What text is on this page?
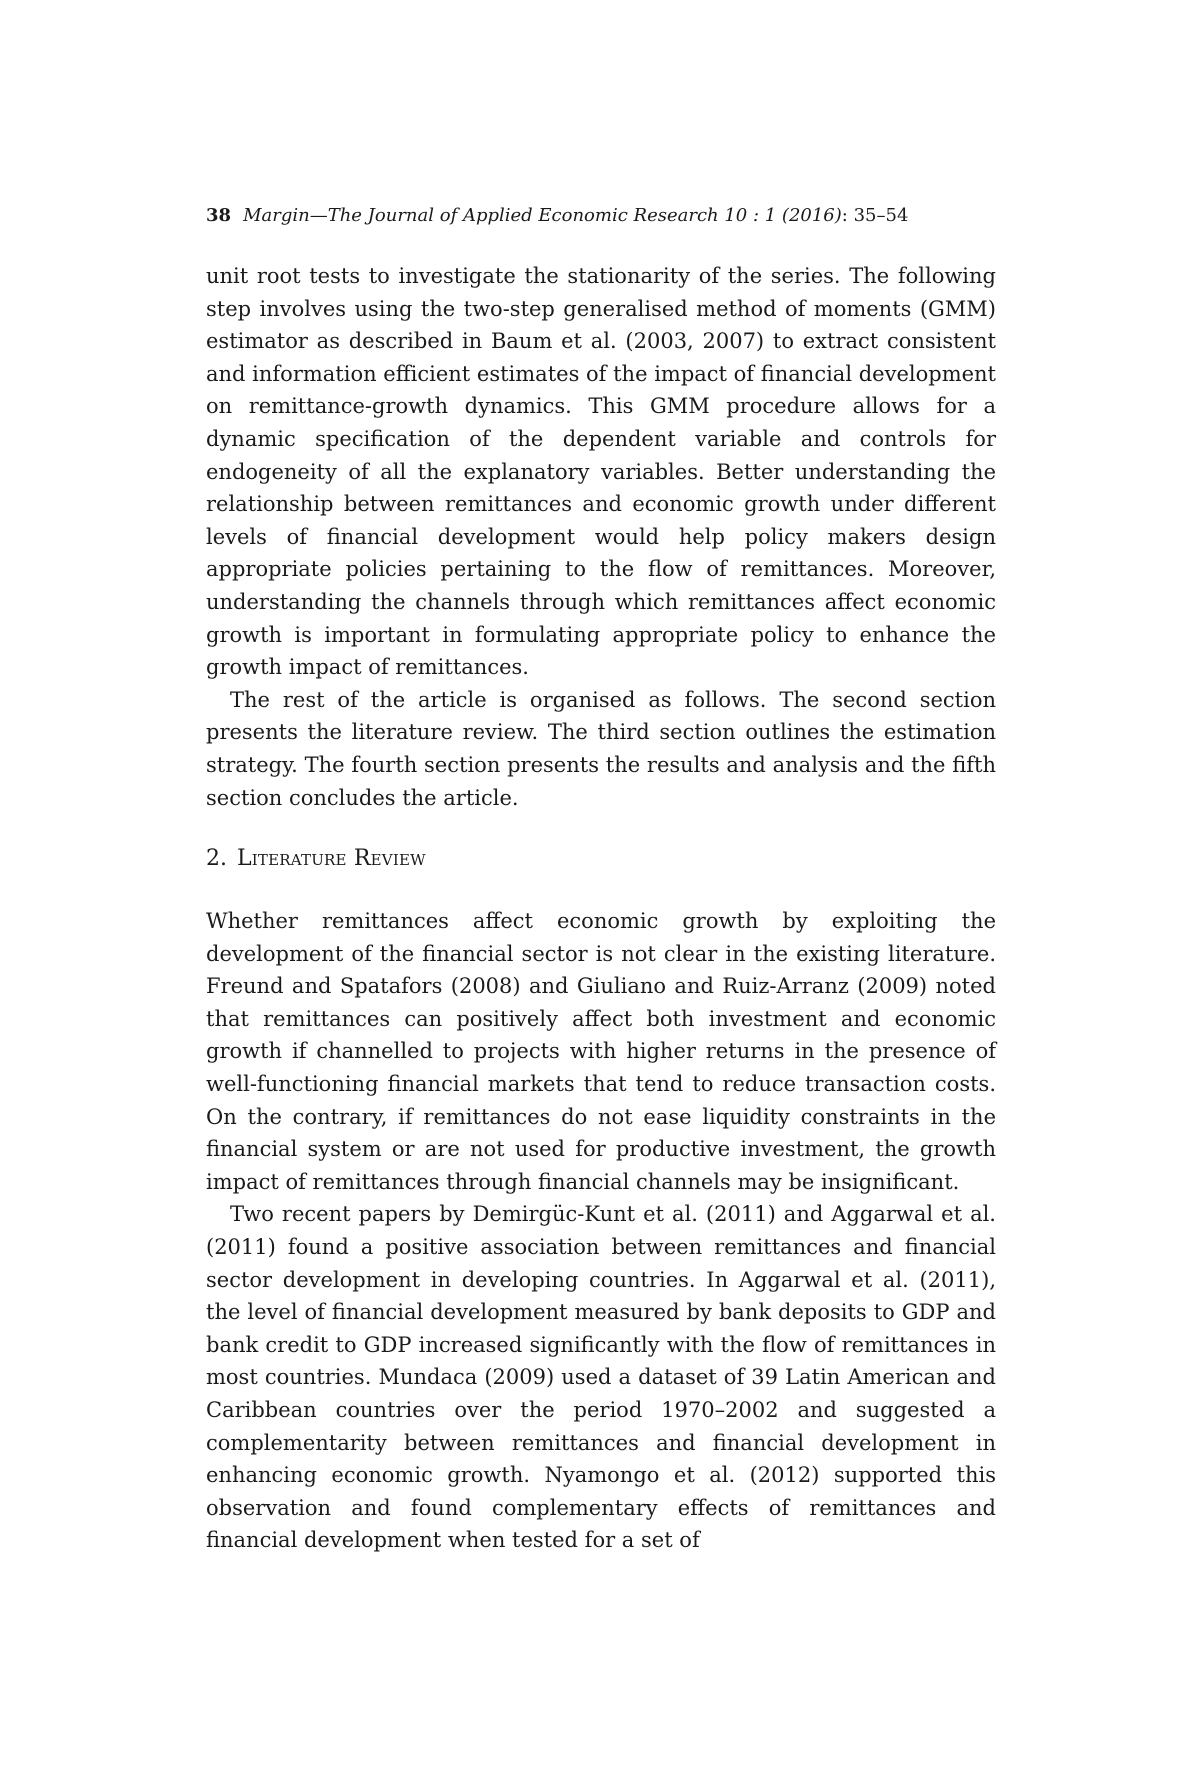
38 Margin—The Journal of Applied Economic Research 10 : 1 (2016): 35–54

unit root tests to investigate the stationarity of the series. The following step involves using the two-step generalised method of moments (GMM) estimator as described in Baum et al. (2003, 2007) to extract consistent and information efficient estimates of the impact of financial development on remittance-growth dynamics. This GMM procedure allows for a dynamic specification of the dependent variable and controls for endogeneity of all the explanatory variables. Better understanding the relationship between remittances and economic growth under different levels of financial development would help policy makers design appropriate policies pertaining to the flow of remittances. Moreover, understanding the channels through which remittances affect economic growth is important in formulating appropriate policy to enhance the growth impact of remittances.

The rest of the article is organised as follows. The second section presents the literature review. The third section outlines the estimation strategy. The fourth section presents the results and analysis and the fifth section concludes the article.

2. Literature Review

Whether remittances affect economic growth by exploiting the development of the financial sector is not clear in the existing literature. Freund and Spatafors (2008) and Giuliano and Ruiz-Arranz (2009) noted that remittances can positively affect both investment and economic growth if channelled to projects with higher returns in the presence of well-functioning financial markets that tend to reduce transaction costs. On the contrary, if remittances do not ease liquidity constraints in the financial system or are not used for productive investment, the growth impact of remittances through financial channels may be insignificant.

Two recent papers by Demirgüc-Kunt et al. (2011) and Aggarwal et al. (2011) found a positive association between remittances and financial sector development in developing countries. In Aggarwal et al. (2011), the level of financial development measured by bank deposits to GDP and bank credit to GDP increased significantly with the flow of remittances in most countries. Mundaca (2009) used a dataset of 39 Latin American and Caribbean countries over the period 1970–2002 and suggested a complementarity between remittances and financial development in enhancing economic growth. Nyamongo et al. (2012) supported this observation and found complementary effects of remittances and financial development when tested for a set of
